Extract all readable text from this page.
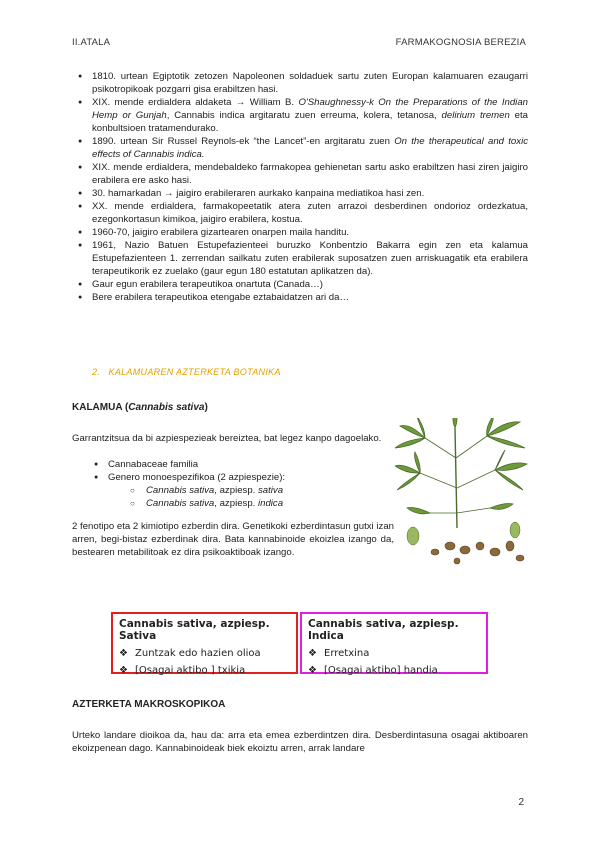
II.ATALA	FARMAKOGNOSIA BEREZIA
● 1810. urtean Egiptotik zetozen Napoleonen soldaduek sartu zuten Europan kalamuaren ezaugarri psikotropikoak pozgarri gisa erabiltzen hasi.
● XIX. mende erdialdera aldaketa → William B. O'Shaughnessy-k On the Preparations of the Indian Hemp or Gunjah, Cannabis indica argitaratu zuen erreuma, kolera, tetanosa, delirium tremen eta konbultsioen tratamendurako.
● 1890. urtean Sir Russel Reynols-ek “the Lancet”-en argitaratu zuen On the therapeutical and toxic effects of Cannabis indica.
● XIX. mende erdialdera, mendebaldeko farmakopea gehienetan sartu asko erabiltzen hasi ziren jaigiro erabilera ere asko hasi.
● 30. hamarkadan → jaigiro erabileraren aurkako kanpaina mediatikoa hasi zen.
● XX. mende erdialdera, farmakopeetatik atera zuten arrazoi desberdinen ondorioz ordezkatua, ezegonkortasun kimikoa, jaigiro erabilera, kostua.
● 1960-70, jaigiro erabilera gizartearen onarpen maila handitu.
● 1961, Nazio Batuen Estupefazienteei buruzko Konbentzio Bakarra egin zen eta kalamua Estupefazienteen 1. zerrendan sailkatu zuten erabilerak suposatzen zuen arriskuagatik eta erabilera terapeutikorik ez zuelako (gaur egun 180 estatutan aplikatzen da).
● Gaur egun erabilera terapeutikoa onartuta (Canada…)
● Bere erabilera terapeutikoa etengabe eztabaidatzen ari da…
2. KALAMUAREN AZTERKETA BOTANIKA
KALAMUA (Cannabis sativa)
Garrantzitsua da bi azpiespezieak bereiztea, bat legez kanpo dagoelako.
● Cannabaceae familia
● Genero monoespezifikoa (2 azpiespezie):
○ Cannabis sativa, azpiesp. sativa
○ Cannabis sativa, azpiesp. indica
2 fenotipo eta 2 kimiotipo ezberdin dira. Genetikoki ezberdintasun gutxi izan arren, begi-bistaz ezberdinak dira. Bata kannabinoide ekoizlea izango da, bestearen metabilitoak ez dira psikoaktiboak izango.
Cannabis sativa, azpiesp. Sativa
❖ Zuntzak edo hazien olioa
❖ [Osagai aktibo ] txikia
Cannabis sativa, azpiesp. Indica
❖ Erretxina
❖ [Osagai aktibo] handia
AZTERKETA MAKROSKOPIKOA
Urteko landare dioikoa da, hau da: arra eta emea ezberdintzen dira. Desberdintasuna osagai aktiboaren ekoizpenean dago. Kannabinoideak biek ekoiztu arren, arrak landare
2
